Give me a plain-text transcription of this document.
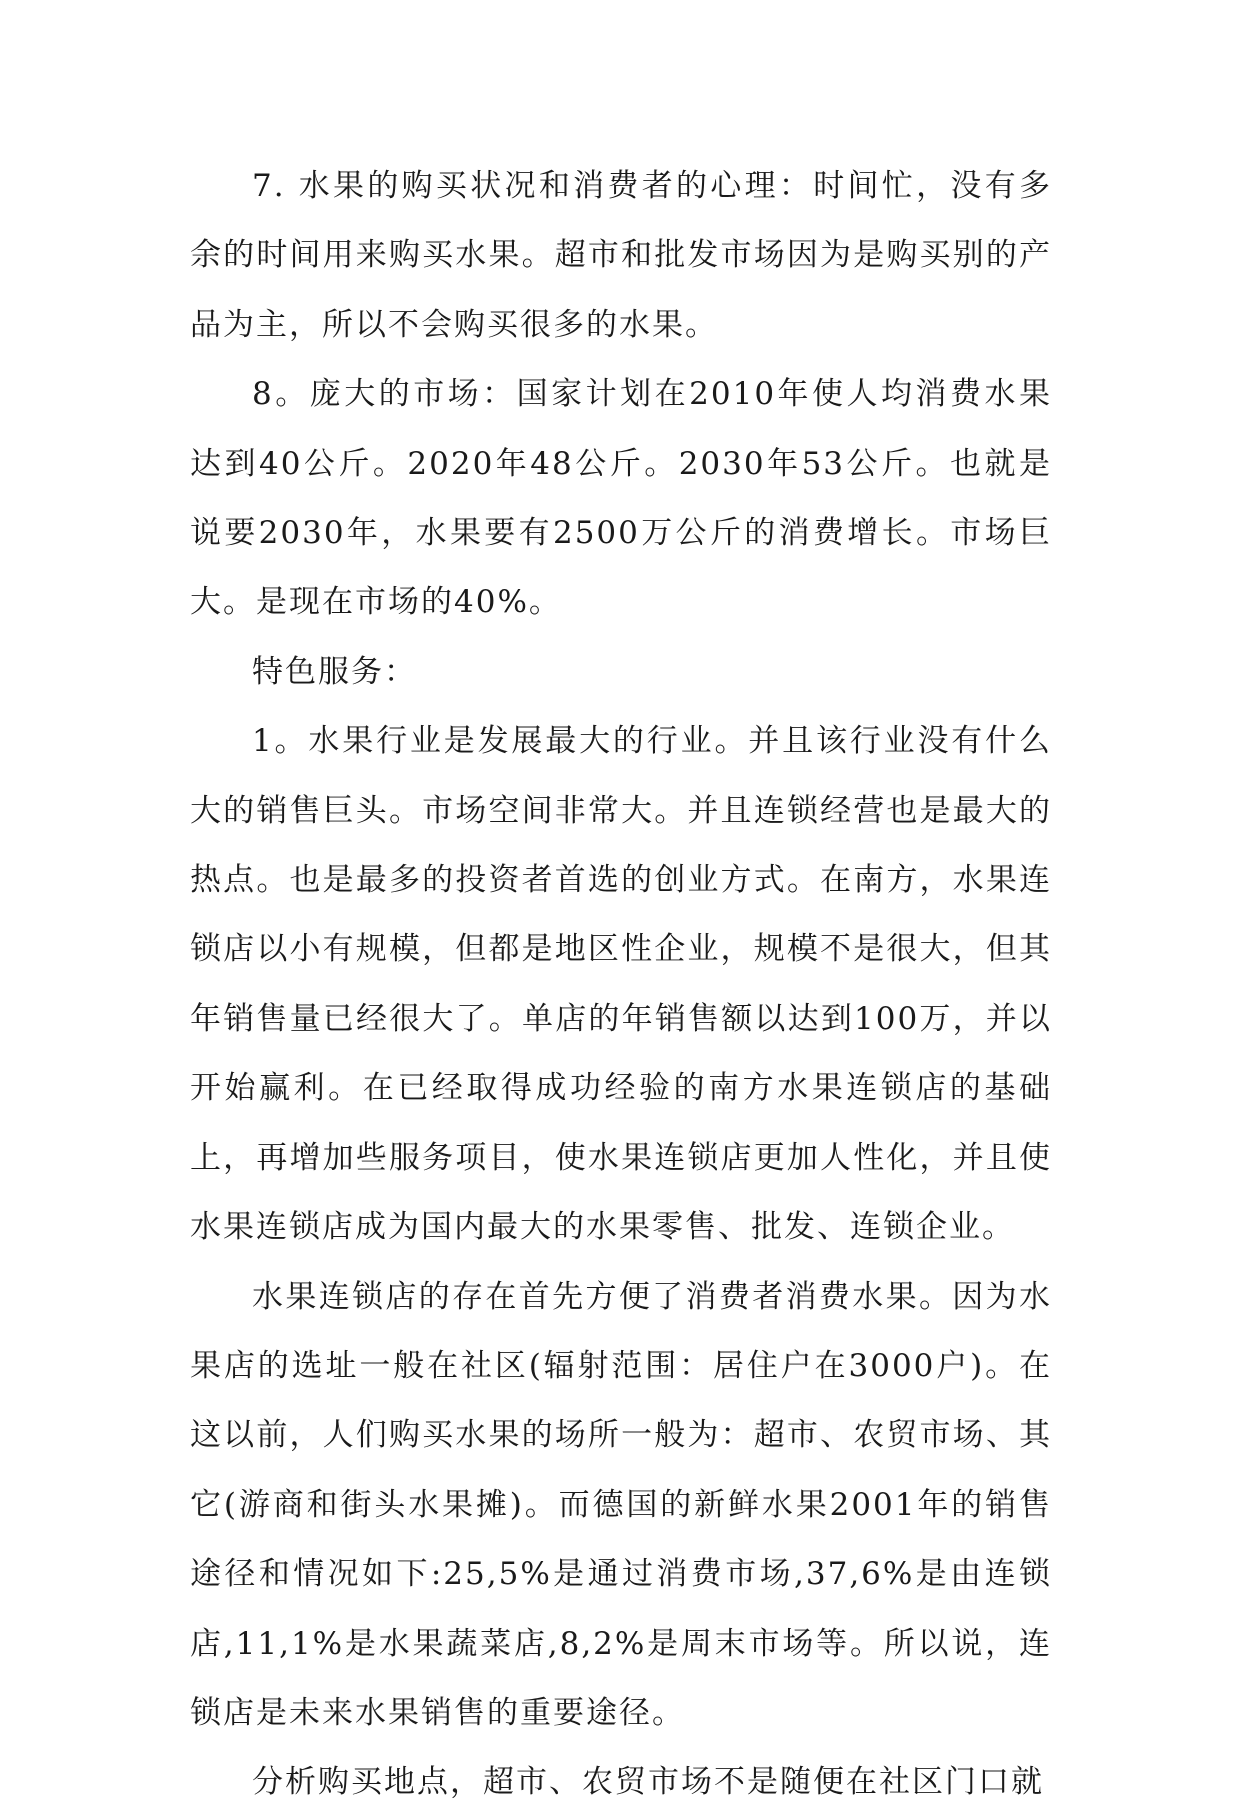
7. 水果的购买状况和消费者的心理：时间忙，没有多余的时间用来购买水果。超市和批发市场因为是购买别的产品为主，所以不会购买很多的水果。

8。庞大的市场：国家计划在2010年使人均消费水果达到40公斤。2020年48公斤。2030年53公斤。也就是说要2030年，水果要有2500万公斤的消费增长。市场巨大。是现在市场的40%。

特色服务：

1。水果行业是发展最大的行业。并且该行业没有什么大的销售巨头。市场空间非常大。并且连锁经营也是最大的热点。也是最多的投资者首选的创业方式。在南方，水果连锁店以小有规模，但都是地区性企业，规模不是很大，但其年销售量已经很大了。单店的年销售额以达到100万，并以开始赢利。在已经取得成功经验的南方水果连锁店的基础上，再增加些服务项目，使水果连锁店更加人性化，并且使水果连锁店成为国内最大的水果零售、批发、连锁企业。

水果连锁店的存在首先方便了消费者消费水果。因为水果店的选址一般在社区(辐射范围：居住户在3000户)。在这以前，人们购买水果的场所一般为：超市、农贸市场、其它(游商和街头水果摊)。而德国的新鲜水果2001年的销售途径和情况如下:25,5%是通过消费市场,37,6%是由连锁店,11,1%是水果蔬菜店,8,2%是周末市场等。所以说，连锁店是未来水果销售的重要途径。

分析购买地点，超市、农贸市场不是随便在社区门口就
